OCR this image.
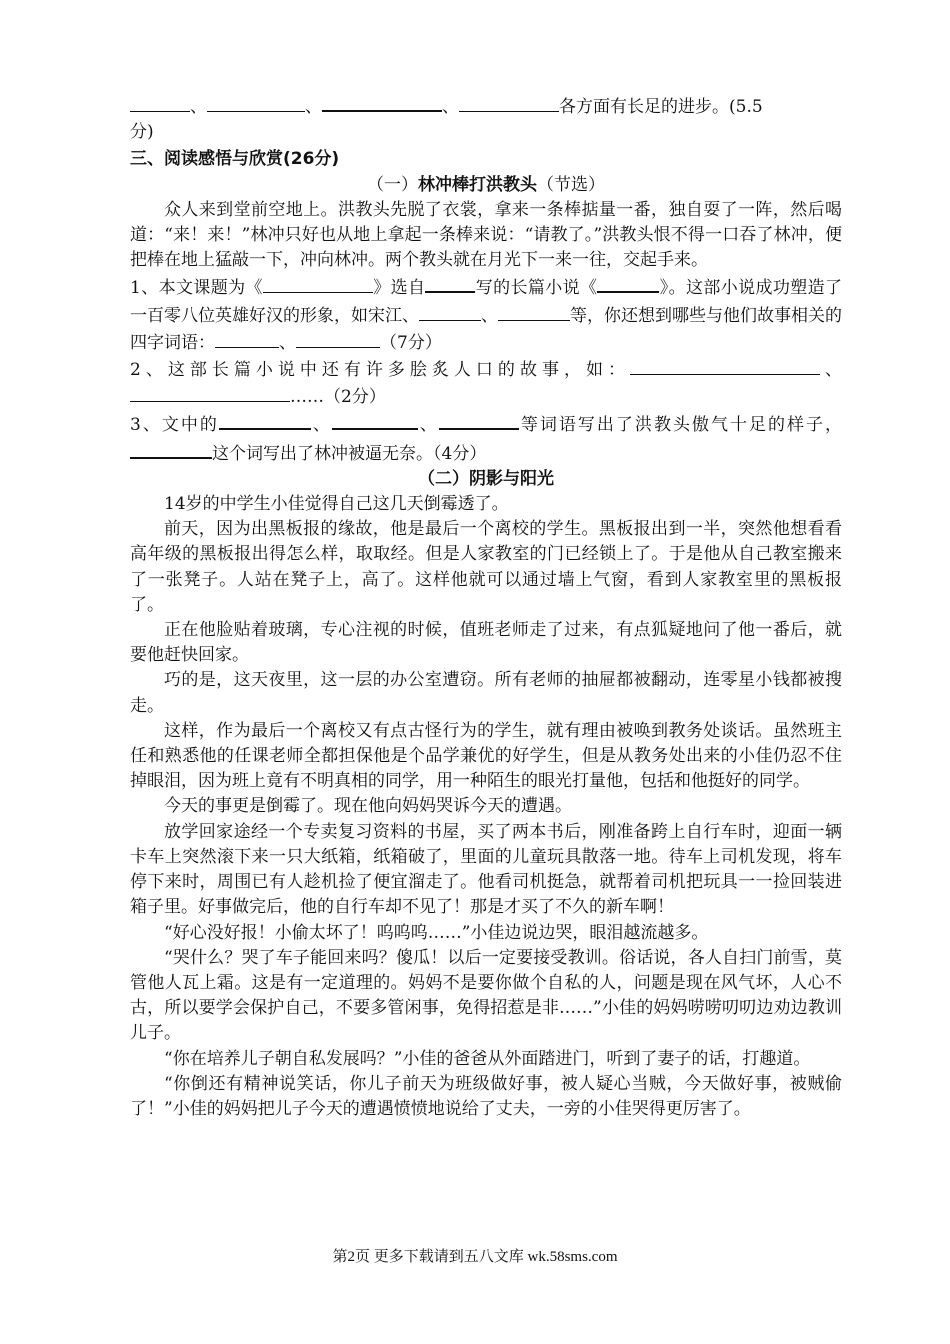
、	、	、	各方面有长足的进步。(5.5

分)

三、阅读感悟与欣赏(26分)

（一）林冲棒打洪教头（节选）

众人来到堂前空地上。洪教头先脱了衣裳，拿来一条棒掂量一番，独自耍了一阵，然后喝道：“来！来！”林冲只好也从地上拿起一条棒来说：“请教了。”洪教头恨不得一口吞了林冲，便把棒在地上猛敲一下，冲向林冲。两个教头就在月光下一来一往，交起手来。

1、本文课题为《	》选自	写的长篇小说《	》。这部小说成功塑造了一百零八位英雄好汉的形象，如宋江、	、	等，你还想到哪些与他们故事相关的四字词语：	、	（7分）

2、这部长篇小说中还有许多脍炙人口的故事，如：	、……（2分）

3、文中的	、	、	等词语写出了洪教头傲气十足的样子，这个词写出了林冲被逼无奈。（4分）

（二）阴影与阳光

14岁的中学生小佳觉得自己这几天倒霉透了。

前天，因为出黑板报的缘故，他是最后一个离校的学生。黑板报出到一半，突然他想看看高年级的黑板报出得怎么样，取取经。但是人家教室的门已经锁上了。于是他从自己教室搬来了一张凳子。人站在凳子上，高了。这样他就可以通过墙上气窗，看到人家教室里的黑板报了。

正在他脸贴着玻璃，专心注视的时候，值班老师走了过来，有点狐疑地问了他一番后，就要他赶快回家。

巧的是，这天夜里，这一层的办公室遭窃。所有老师的抽屉都被翻动，连零星小钱都被搜走。

这样，作为最后一个离校又有点古怪行为的学生，就有理由被唤到教务处谈话。虽然班主任和熟悉他的任课老师全都担保他是个品学兼优的好学生，但是从教务处出来的小佳仍忍不住掉眼泪，因为班上竟有不明真相的同学，用一种陌生的眼光打量他，包括和他挺好的同学。

今天的事更是倒霉了。现在他向妈妈哭诉今天的遭遇。

放学回家途经一个专卖复习资料的书屋，买了两本书后，刚准备跨上自行车时，迎面一辆卡车上突然滚下来一只大纸箱，纸箱破了，里面的儿童玩具散落一地。待车上司机发现，将车停下来时，周围已有人趁机捡了便宜溜走了。他看司机挺急，就帮着司机把玩具一一捡回装进箱子里。好事做完后，他的自行车却不见了！那是才买了不久的新车啊！

“好心没好报！小偷太坏了！呜呜呜……”小佳边说边哭，眼泪越流越多。

“哭什么？哭了车子能回来吗？傻瓜！以后一定要接受教训。俗话说，各人自扫门前雪，莫管他人瓦上霜。这是有一定道理的。妈妈不是要你做个自私的人，问题是现在风气坏，人心不古，所以要学会保护自己，不要多管闲事，免得招惹是非……”小佳的妈妈唠唠叨叨边劝边教训儿子。

“你在培养儿子朝自私发展吗？”小佳的爸爸从外面踏进门，听到了妻子的话，打趣道。

“你倒还有精神说笑话，你儿子前天为班级做好事，被人疑心当贼，今天做好事，被贼偷了！”小佳的妈妈把儿子今天的遭遇愤愤地说给了丈夫，一旁的小佳哭得更厉害了。

第2页 更多下载请到五八文库 wk.58sms.com
